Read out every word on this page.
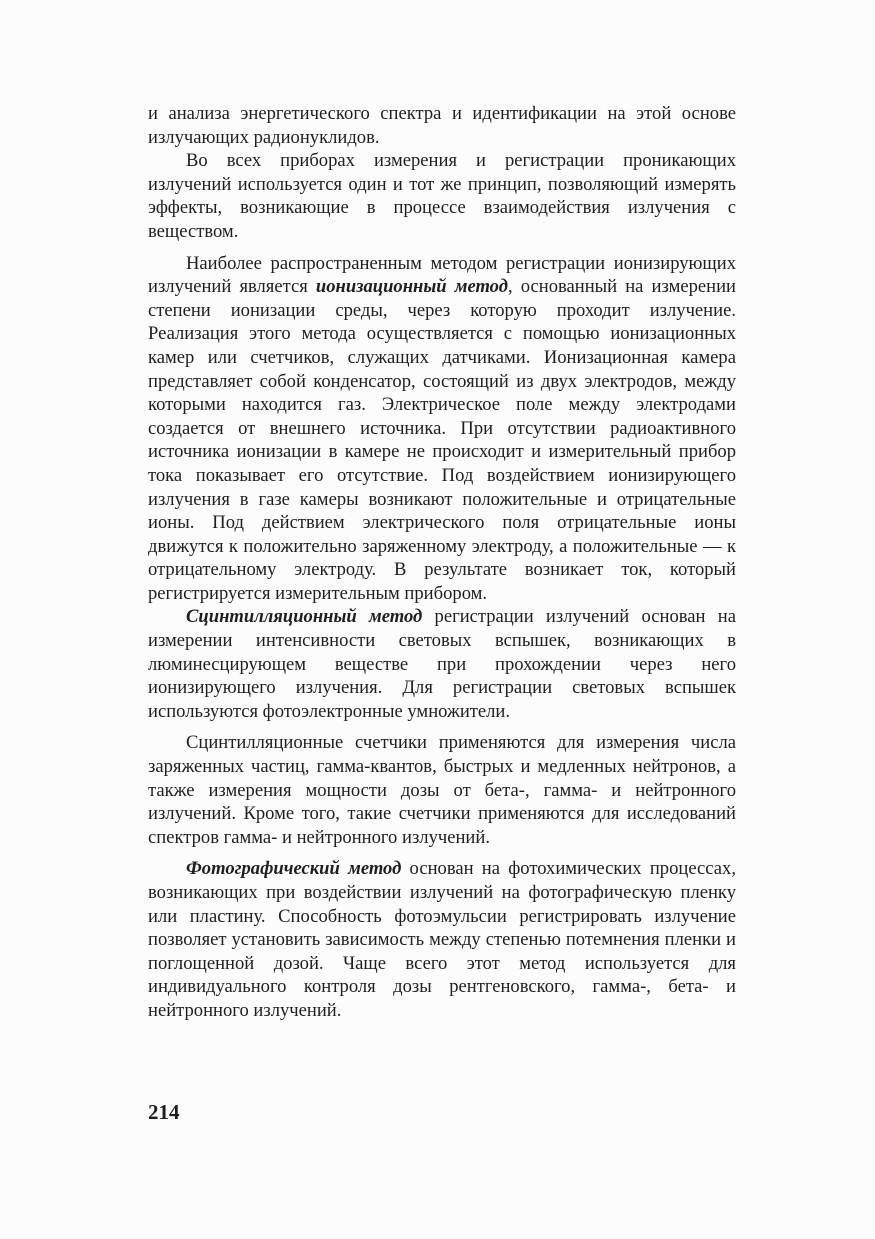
и анализа энергетического спектра и идентификации на этой основе излучающих радионуклидов.

Во всех приборах измерения и регистрации проникающих излучений используется один и тот же принцип, позволяющий измерять эффекты, возникающие в процессе взаимодействия излучения с веществом.

Наиболее распространенным методом регистрации ионизирующих излучений является ионизационный метод, основанный на измерении степени ионизации среды, через которую проходит излучение. Реализация этого метода осуществляется с помощью ионизационных камер или счетчиков, служащих датчиками. Ионизационная камера представляет собой конденсатор, состоящий из двух электродов, между которыми находится газ. Электрическое поле между электродами создается от внешнего источника. При отсутствии радиоактивного источника ионизации в камере не происходит и измерительный прибор тока показывает его отсутствие. Под воздействием ионизирующего излучения в газе камеры возникают положительные и отрицательные ионы. Под действием электрического поля отрицательные ионы движутся к положительно заряженному электроду, а положительные — к отрицательному электроду. В результате возникает ток, который регистрируется измерительным прибором.

Сцинтилляционный метод регистрации излучений основан на измерении интенсивности световых вспышек, возникающих в люминесцирующем веществе при прохождении через него ионизирующего излучения. Для регистрации световых вспышек используются фотоэлектронные умножители.

Сцинтилляционные счетчики применяются для измерения числа заряженных частиц, гамма-квантов, быстрых и медленных нейтронов, а также измерения мощности дозы от бета-, гамма- и нейтронного излучений. Кроме того, такие счетчики применяются для исследований спектров гамма- и нейтронного излучений.

Фотографический метод основан на фотохимических процессах, возникающих при воздействии излучений на фотографическую пленку или пластину. Способность фотоэмульсии регистрировать излучение позволяет установить зависимость между степенью потемнения пленки и поглощенной дозой. Чаще всего этот метод используется для индивидуального контроля дозы рентгеновского, гамма-, бета- и нейтронного излучений.

214
